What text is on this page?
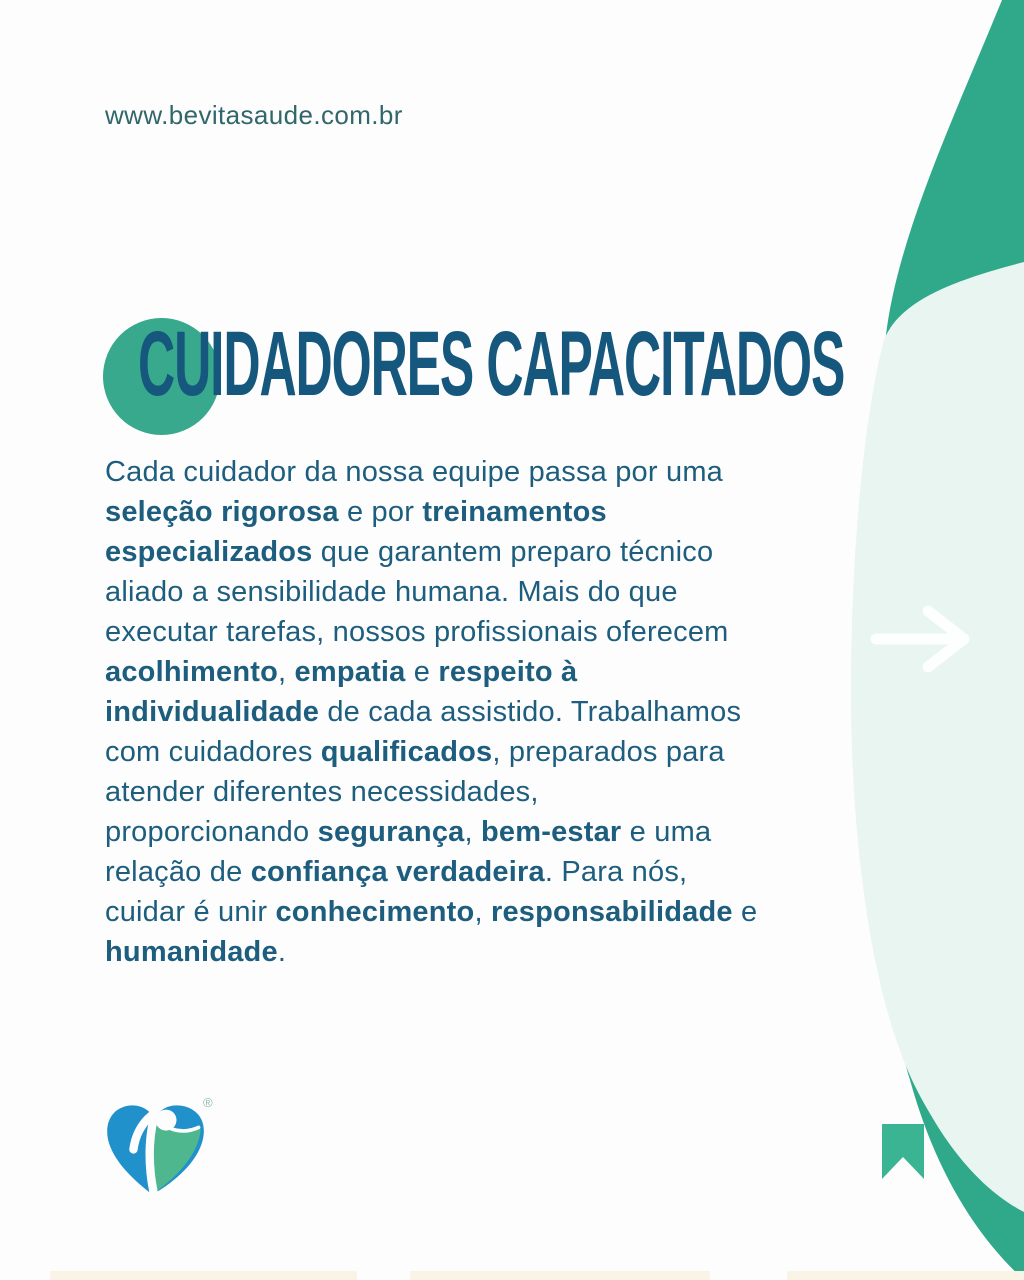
www.bevitasaude.com.br
CUIDADORES CAPACITADOS
Cada cuidador da nossa equipe passa por uma
seleção rigorosa e por treinamentos
especializados que garantem preparo técnico
aliado a sensibilidade humana. Mais do que
executar tarefas, nossos profissionais oferecem
acolhimento, empatia e respeito à
individualidade de cada assistido. Trabalhamos
com cuidadores qualificados, preparados para
atender diferentes necessidades,
proporcionando segurança, bem-estar e uma
relação de confiança verdadeira. Para nós,
cuidar é unir conhecimento, responsabilidade e
humanidade.
®
